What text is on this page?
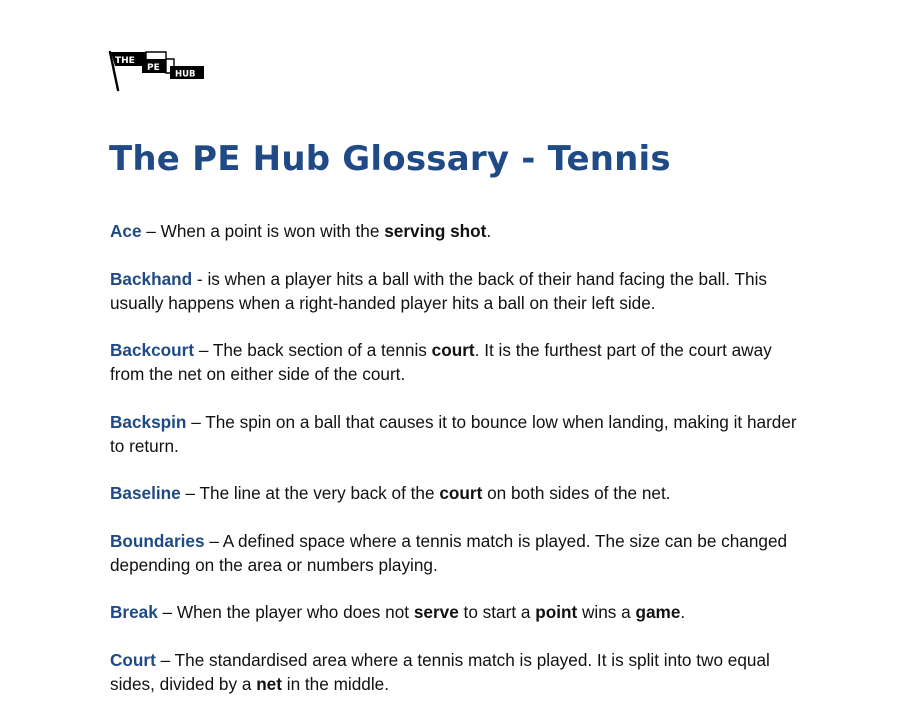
THE
PE
HUB
The PE Hub Glossary - Tennis

Ace – When a point is won with the serving shot.

Backhand - is when a player hits a ball with the back of their hand facing the ball. This usually happens when a right-handed player hits a ball on their left side.

Backcourt – The back section of a tennis court. It is the furthest part of the court away from the net on either side of the court.

Backspin – The spin on a ball that causes it to bounce low when landing, making it harder to return.

Baseline – The line at the very back of the court on both sides of the net.

Boundaries – A defined space where a tennis match is played. The size can be changed depending on the area or numbers playing.

Break – When the player who does not serve to start a point wins a game.

Court – The standardised area where a tennis match is played. It is split into two equal sides, divided by a net in the middle.
